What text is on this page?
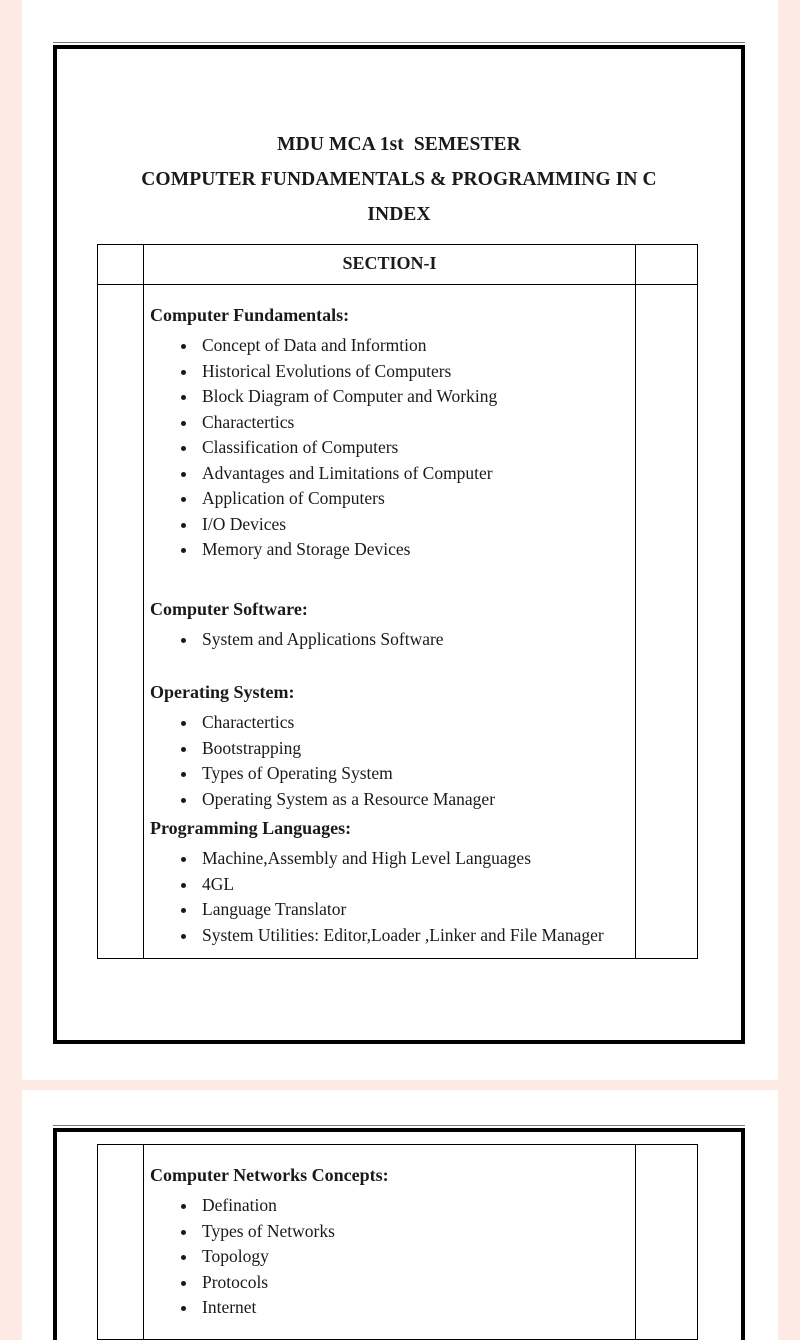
MDU MCA 1st  SEMESTER
COMPUTER FUNDAMENTALS & PROGRAMMING IN C
INDEX
	SECTION-I	

Computer Fundamentals:
• Concept of Data and Informtion
• Historical Evolutions of Computers
• Block Diagram of Computer and Working
• Charactertics
• Classification of Computers
• Advantages and Limitations of Computer
• Application of Computers
• I/O Devices
• Memory and Storage Devices
Computer Software:
• System and Applications Software
Operating System:
• Charactertics
• Bootstrapping
• Types of Operating System
• Operating System as a Resource Manager
Programming Languages:
• Machine,Assembly and High Level Languages
• 4GL
• Language Translator
• System Utilities: Editor,Loader ,Linker and File Manager

Computer Networks Concepts:
• Defination
• Types of Networks
• Topology
• Protocols
• Internet
